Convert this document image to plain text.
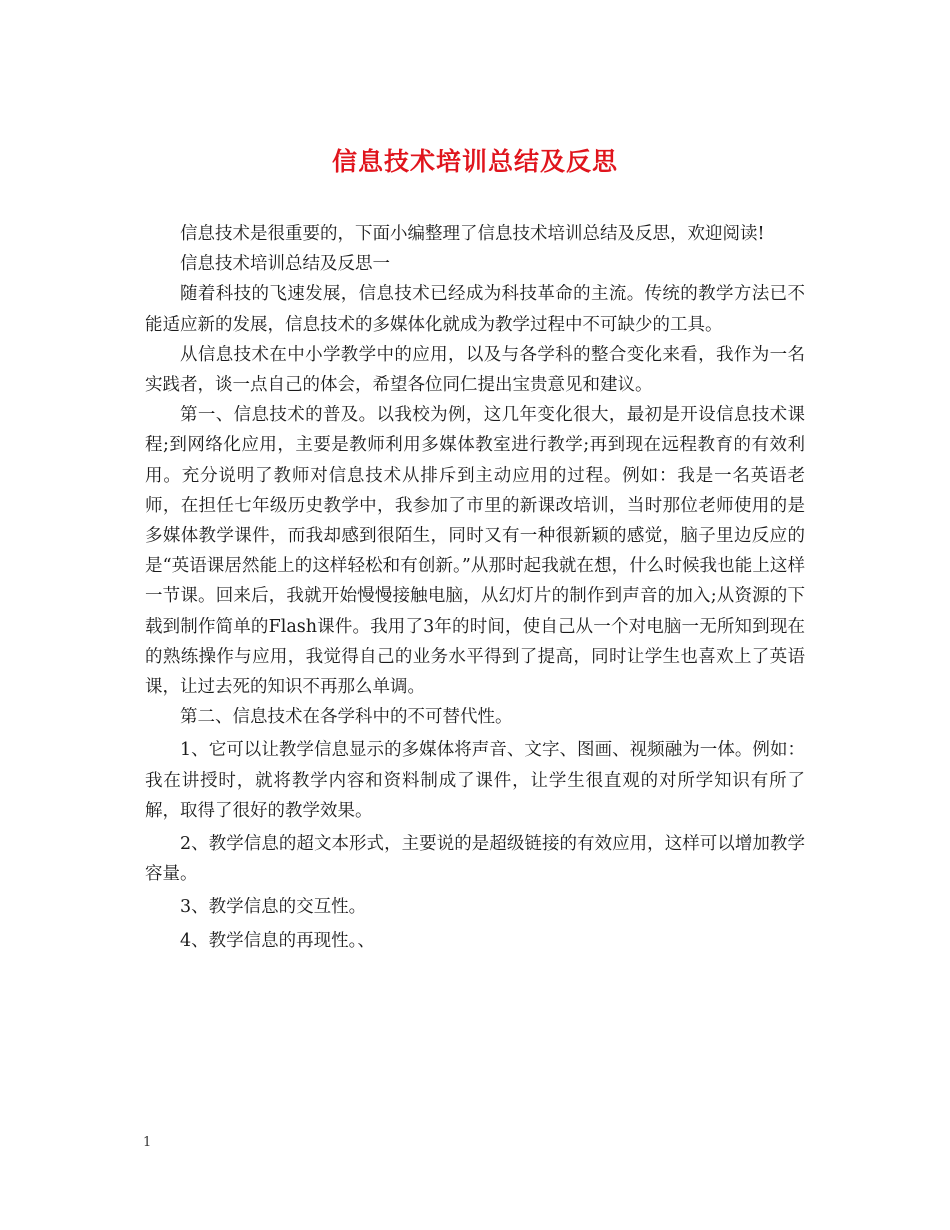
信息技术培训总结及反思

信息技术是很重要的，下面小编整理了信息技术培训总结及反思，欢迎阅读!

信息技术培训总结及反思一

随着科技的飞速发展，信息技术已经成为科技革命的主流。传统的教学方法已不能适应新的发展，信息技术的多媒体化就成为教学过程中不可缺少的工具。

从信息技术在中小学教学中的应用，以及与各学科的整合变化来看，我作为一名实践者，谈一点自己的体会，希望各位同仁提出宝贵意见和建议。

第一、信息技术的普及。以我校为例，这几年变化很大，最初是开设信息技术课程;到网络化应用，主要是教师利用多媒体教室进行教学;再到现在远程教育的有效利用。充分说明了教师对信息技术从排斥到主动应用的过程。例如：我是一名英语老师，在担任七年级历史教学中，我参加了市里的新课改培训，当时那位老师使用的是多媒体教学课件，而我却感到很陌生，同时又有一种很新颖的感觉，脑子里边反应的是“英语课居然能上的这样轻松和有创新。”从那时起我就在想，什么时候我也能上这样一节课。回来后，我就开始慢慢接触电脑，从幻灯片的制作到声音的加入;从资源的下载到制作简单的Flash课件。我用了3年的时间，使自己从一个对电脑一无所知到现在的熟练操作与应用，我觉得自己的业务水平得到了提高，同时让学生也喜欢上了英语课，让过去死的知识不再那么单调。

第二、信息技术在各学科中的不可替代性。

1、它可以让教学信息显示的多媒体将声音、文字、图画、视频融为一体。例如：我在讲授时，就将教学内容和资料制成了课件，让学生很直观的对所学知识有所了解，取得了很好的教学效果。

2、教学信息的超文本形式，主要说的是超级链接的有效应用，这样可以增加教学容量。

3、教学信息的交互性。

4、教学信息的再现性。、

1
